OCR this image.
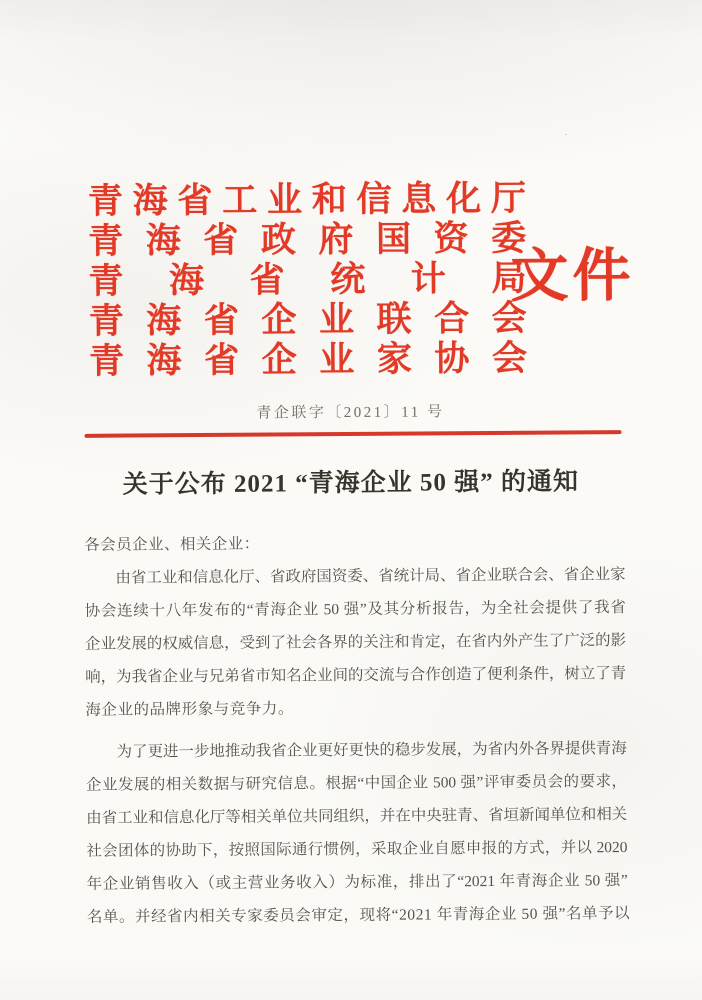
青海省工业和信息化厅
青海省政府国资委
青海省统计局
青海省企业联合会
青海省企业家协会
文件
青企联字〔2021〕11 号
关于公布 2021 “青海企业 50 强” 的通知
各会员企业、相关企业：
由省工业和信息化厅、省政府国资委、省统计局、省企业联合会、省企业家
协会连续十八年发布的“青海企业 50 强”及其分析报告，为全社会提供了我省
企业发展的权威信息，受到了社会各界的关注和肯定，在省内外产生了广泛的影
响，为我省企业与兄弟省市知名企业间的交流与合作创造了便利条件，树立了青
海企业的品牌形象与竞争力。
为了更进一步地推动我省企业更好更快的稳步发展，为省内外各界提供青海
企业发展的相关数据与研究信息。根据“中国企业 500 强”评审委员会的要求，
由省工业和信息化厅等相关单位共同组织，并在中央驻青、省垣新闻单位和相关
社会团体的协助下，按照国际通行惯例，采取企业自愿申报的方式，并以 2020
年企业销售收入（或主营业务收入）为标准，排出了“2021 年青海企业 50 强”
名单。并经省内相关专家委员会审定，现将“2021 年青海企业 50 强”名单予以
·
